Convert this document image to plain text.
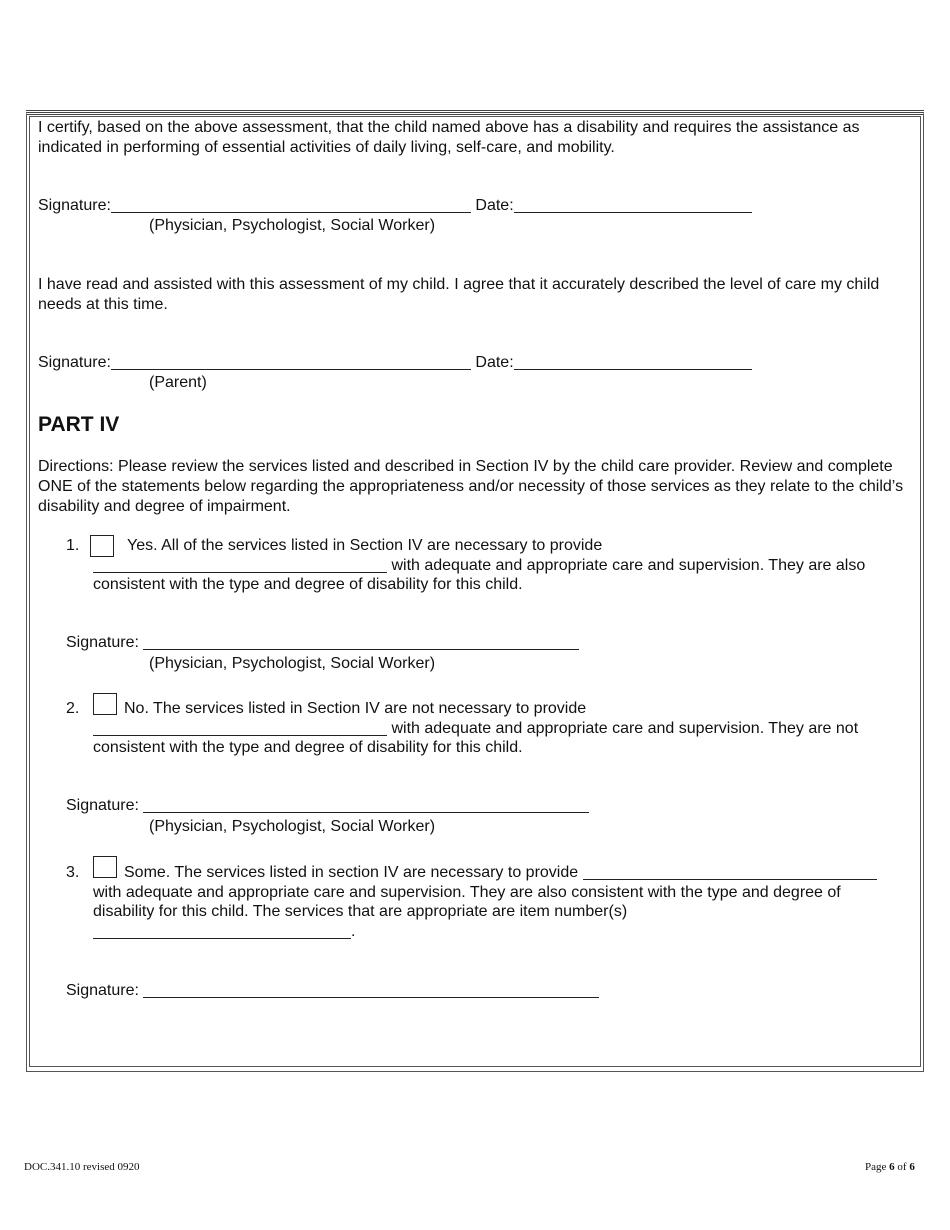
I certify, based on the above assessment, that the child named above has a disability and requires the assistance as indicated in performing of essential activities of daily living, self-care, and mobility.
Signature:	Date:
(Physician, Psychologist, Social Worker)
I have read and assisted with this assessment of my child. I agree that it accurately described the level of care my child needs at this time.
Signature:	Date:
(Parent)
PART IV
Directions: Please review the services listed and described in Section IV by the child care provider. Review and complete ONE of the statements below regarding the appropriateness and/or necessity of those services as they relate to the child’s disability and degree of impairment.
1.	Yes. All of the services listed in Section IV are necessary to provide
with adequate and appropriate care and supervision. They are also
consistent with the type and degree of disability for this child.
Signature:
(Physician, Psychologist, Social Worker)
2.	No. The services listed in Section IV are not necessary to provide
with adequate and appropriate care and supervision. They are not
consistent with the type and degree of disability for this child.
Signature:
(Physician, Psychologist, Social Worker)
3.	Some. The services listed in section IV are necessary to provide
with adequate and appropriate care and supervision. They are also consistent with the type and degree of
disability for this child. The services that are appropriate are item number(s)
.
Signature:
DOC.341.10 revised 0920	Page 6 of 6
